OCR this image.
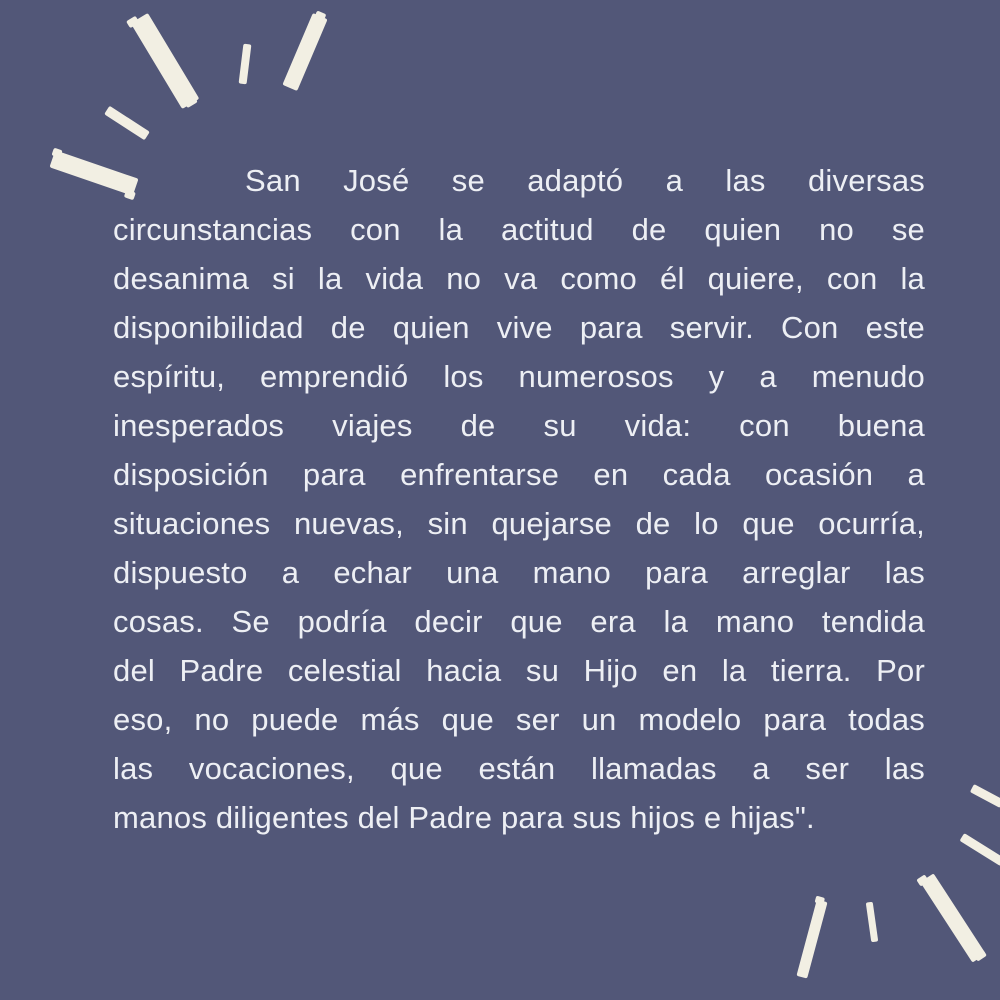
San José se adaptó a las diversas

circunstancias con la actitud de quien no se

desanima si la vida no va como él quiere, con la

disponibilidad de quien vive para servir. Con este

espíritu, emprendió los numerosos y a menudo

inesperados viajes de su vida: con buena

disposición para enfrentarse en cada ocasión a

situaciones nuevas, sin quejarse de lo que ocurría,

dispuesto a echar una mano para arreglar las

cosas. Se podría decir que era la mano tendida

del Padre celestial hacia su Hijo en la tierra. Por

eso, no puede más que ser un modelo para todas

las vocaciones, que están llamadas a ser las

manos diligentes del Padre para sus hijos e hijas".
